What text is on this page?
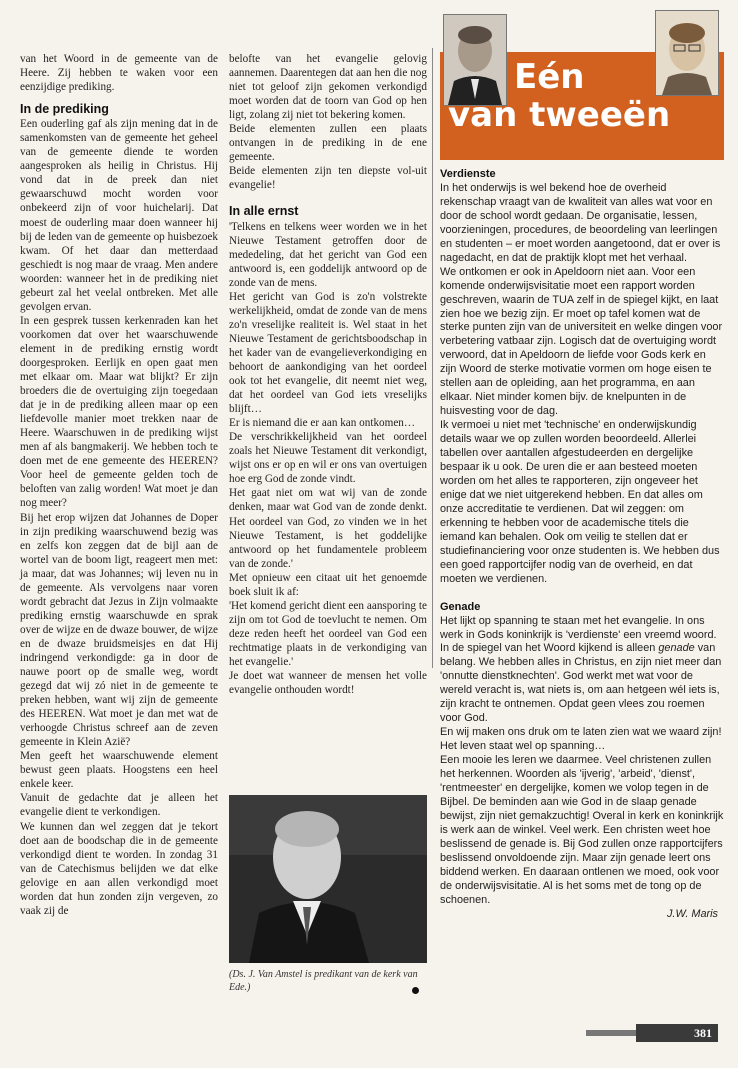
van het Woord in de gemeente van de Heere. Zij hebben te waken voor een eenzijdige prediking.

In de prediking

Een ouderling gaf als zijn mening dat in de samenkomsten van de gemeente het geheel van de gemeente diende te worden aangesproken als heilig in Christus. Hij vond dat in de preek dan niet gewaarschuwd mocht worden voor onbekeerd zijn of voor huichelarij. Dat moest de ouderling maar doen wanneer hij bij de leden van de gemeente op huisbezoek kwam. Of het daar dan metterdaad geschiedt is nog maar de vraag. Men andere woorden: wanneer het in de prediking niet gebeurt zal het veelal ontbreken. Met alle gevolgen ervan.

In een gesprek tussen kerkenraden kan het voorkomen dat over het waarschuwende element in de prediking ernstig wordt doorgesproken. Eerlijk en open gaat men met elkaar om. Maar wat blijkt? Er zijn broeders die de overtuiging zijn toegedaan dat je in de prediking alleen maar op een liefdevolle manier moet trekken naar de Heere. Waarschuwen in de prediking wijst men af als bangmakerij. We hebben toch te doen met de ene gemeente des HEEREN? Voor heel de gemeente gelden toch de beloften van zalig worden! Wat moet je dan nog meer?

Bij het erop wijzen dat Johannes de Doper in zijn prediking waarschuwend bezig was en zelfs kon zeggen dat de bijl aan de wortel van de boom ligt, reageert men met: ja maar, dat was Johannes; wij leven nu in de gemeente. Als vervolgens naar voren wordt gebracht dat Jezus in Zijn volmaakte prediking ernstig waarschuwde en sprak over de wijze en de dwaze bouwer, de wijze en de dwaze bruidsmeisjes en dat Hij indringend verkondigde: ga in door de nauwe poort op de smalle weg, wordt gezegd dat wij zó niet in de gemeente te preken hebben, want wij zijn de gemeente des HEEREN. Wat moet je dan met wat de verhoogde Christus schreef aan de zeven gemeente in Klein Azië?

Men geeft het waarschuwende element bewust geen plaats. Hoogstens een heel enkele keer.

Vanuit de gedachte dat je alleen het evangelie dient te verkondigen.

We kunnen dan wel zeggen dat je tekort doet aan de boodschap die in de gemeente verkondigd dient te worden. In zondag 31 van de Catechismus belijden we dat elke gelovige en aan allen verkondigd moet worden dat hun zonden zijn vergeven, zo vaak zij de

belofte van het evangelie gelovig aannemen. Daarentegen dat aan hen die nog niet tot geloof zijn gekomen verkondigd moet worden dat de toorn van God op hen ligt, zolang zij niet tot bekering komen.

Beide elementen zullen een plaats ontvangen in de prediking in de ene gemeente.

Beide elementen zijn ten diepste vol-uit evangelie!

In alle ernst

'Telkens en telkens weer worden we in het Nieuwe Testament getroffen door de mededeling, dat het gericht van God een antwoord is, een goddelijk antwoord op de zonde van de mens.

Het gericht van God is zo'n volstrekte werkelijkheid, omdat de zonde van de mens zo'n vreselijke realiteit is. Wel staat in het Nieuwe Testament de gerichtsboodschap in het kader van de evangelieverkondiging en behoort de aankondiging van het oordeel ook tot het evangelie, dit neemt niet weg, dat het oordeel van God iets vreselijks blijft…

Er is niemand die er aan kan ontkomen…

De verschrikkelijkheid van het oordeel zoals het Nieuwe Testament dit verkondigt, wijst ons er op en wil er ons van overtuigen hoe erg God de zonde vindt.

Het gaat niet om wat wij van de zonde denken, maar wat God van de zonde denkt. Het oordeel van God, zo vinden we in het Nieuwe Testament, is het goddelijke antwoord op het fundamentele probleem van de zonde.'

Met opnieuw een citaat uit het genoemde boek sluit ik af:

'Het komend gericht dient een aansporing te zijn om tot God de toevlucht te nemen. Om deze reden heeft het oordeel van God een rechtmatige plaats in de verkondiging van het evangelie.'

Je doet wat wanneer de mensen het volle evangelie onthouden wordt!

(Ds. J. Van Amstel is predikant van de kerk van Ede.)
Eén
van tweeën

Verdienste

In het onderwijs is wel bekend hoe de overheid rekenschap vraagt van de kwaliteit van alles wat voor en door de school wordt gedaan. De organisatie, lessen, voorzieningen, procedures, de beoordeling van leerlingen en studenten – er moet worden aangetoond, dat er over is nagedacht, en dat de praktijk klopt met het verhaal.

We ontkomen er ook in Apeldoorn niet aan. Voor een komende onderwijsvisitatie moet een rapport worden geschreven, waarin de TUA zelf in de spiegel kijkt, en laat zien hoe we bezig zijn. Er moet op tafel komen wat de sterke punten zijn van de universiteit en welke dingen voor verbetering vatbaar zijn. Logisch dat de overtuiging wordt verwoord, dat in Apeldoorn de liefde voor Gods kerk en zijn Woord de sterke motivatie vormen om hoge eisen te stellen aan de opleiding, aan het programma, en aan elkaar. Niet minder komen bijv. de knelpunten in de huisvesting voor de dag.

Ik vermoei u niet met 'technische' en onderwijskundig details waar we op zullen worden beoordeeld. Allerlei tabellen over aantallen afgestudeerden en dergelijke bespaar ik u ook. De uren die er aan besteed moeten worden om het alles te rapporteren, zijn ongeveer het enige dat we niet uitgerekend hebben. En dat alles om onze accreditatie te verdienen. Dat wil zeggen: om erkenning te hebben voor de academische titels die iemand kan behalen. Ook om veilig te stellen dat er studiefinanciering voor onze studenten is. We hebben dus een goed rapportcijfer nodig van de overheid, en dat moeten we verdienen.

Genade

Het lijkt op spanning te staan met het evangelie. In ons werk in Gods koninkrijk is 'verdienste' een vreemd woord. In de spiegel van het Woord kijkend is alleen genade van belang. We hebben alles in Christus, en zijn niet meer dan 'onnutte dienstknechten'. God werkt met wat voor de wereld veracht is, wat niets is, om aan hetgeen wél iets is, zijn kracht te ontnemen. Opdat geen vlees zou roemen voor God.

En wij maken ons druk om te laten zien wat we waard zijn! Het leven staat wel op spanning…

Een mooie les leren we daarmee. Veel christenen zullen het herkennen. Woorden als 'ijverig', 'arbeid', 'dienst', 'rentmeester' en dergelijke, komen we volop tegen in de Bijbel. De beminden aan wie God in de slaap genade bewijst, zijn niet gemakzuchtig! Overal in kerk en koninkrijk is werk aan de winkel. Veel werk. Een christen weet hoe beslissend de genade is. Bij God zullen onze rapportcijfers beslissend onvoldoende zijn. Maar zijn genade leert ons biddend werken. En daaraan ontlenen we moed, ook voor de onderwijsvisitatie. Al is het soms met de tong op de schoenen.

J.W. Maris

381
